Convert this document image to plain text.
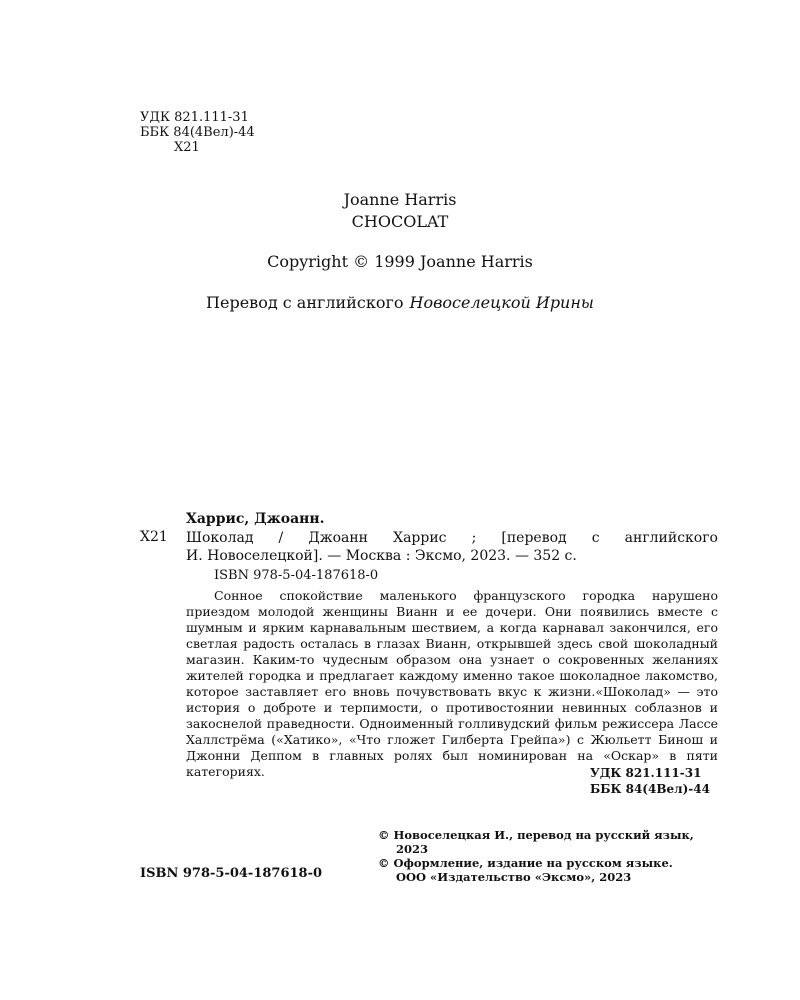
УДК 821.111-31
ББК 84(4Вел)-44
Х21
Joanne Harris
CHOCOLAT
Copyright © 1999 Joanne Harris
Перевод с английского Новоселецкой Ирины
Харрис, Джоанн.
Х21 Шоколад / Джоанн Харрис ; [перевод с английского
И. Новоселецкой]. — Москва : Эксмо, 2023. — 352 с.
ISBN 978-5-04-187618-0
Сонное спокойствие маленького французского городка нарушено приездом молодой женщины Вианн и ее дочери. Они появились вместе с шумным и ярким карнавальным шествием, а когда карнавал закончился, его светлая радость осталась в глазах Вианн, открывшей здесь свой шоколадный магазин. Каким-то чудесным образом она узнает о сокровенных желаниях жителей городка и предлагает каждому именно такое шоколадное лакомство, которое заставляет его вновь почувствовать вкус к жизни.«Шоколад» — это история о доброте и терпимости, о противостоянии невинных соблазнов и закоснелой праведности. Одноименный голливудский фильм режиссера Лассе Халлстрёма («Хатико», «Что гложет Гилберта Грейпа») с Жюльетт Бинош и Джонни Деппом в главных ролях был номинирован на «Оскар» в пяти категориях.	УДК 821.111-31
ББК 84(4Вел)-44
© Новоселецкая И., перевод на русский язык,
2023
© Оформление, издание на русском языке.
ООО «Издательство «Эксмо», 2023
ISBN 978-5-04-187618-0
